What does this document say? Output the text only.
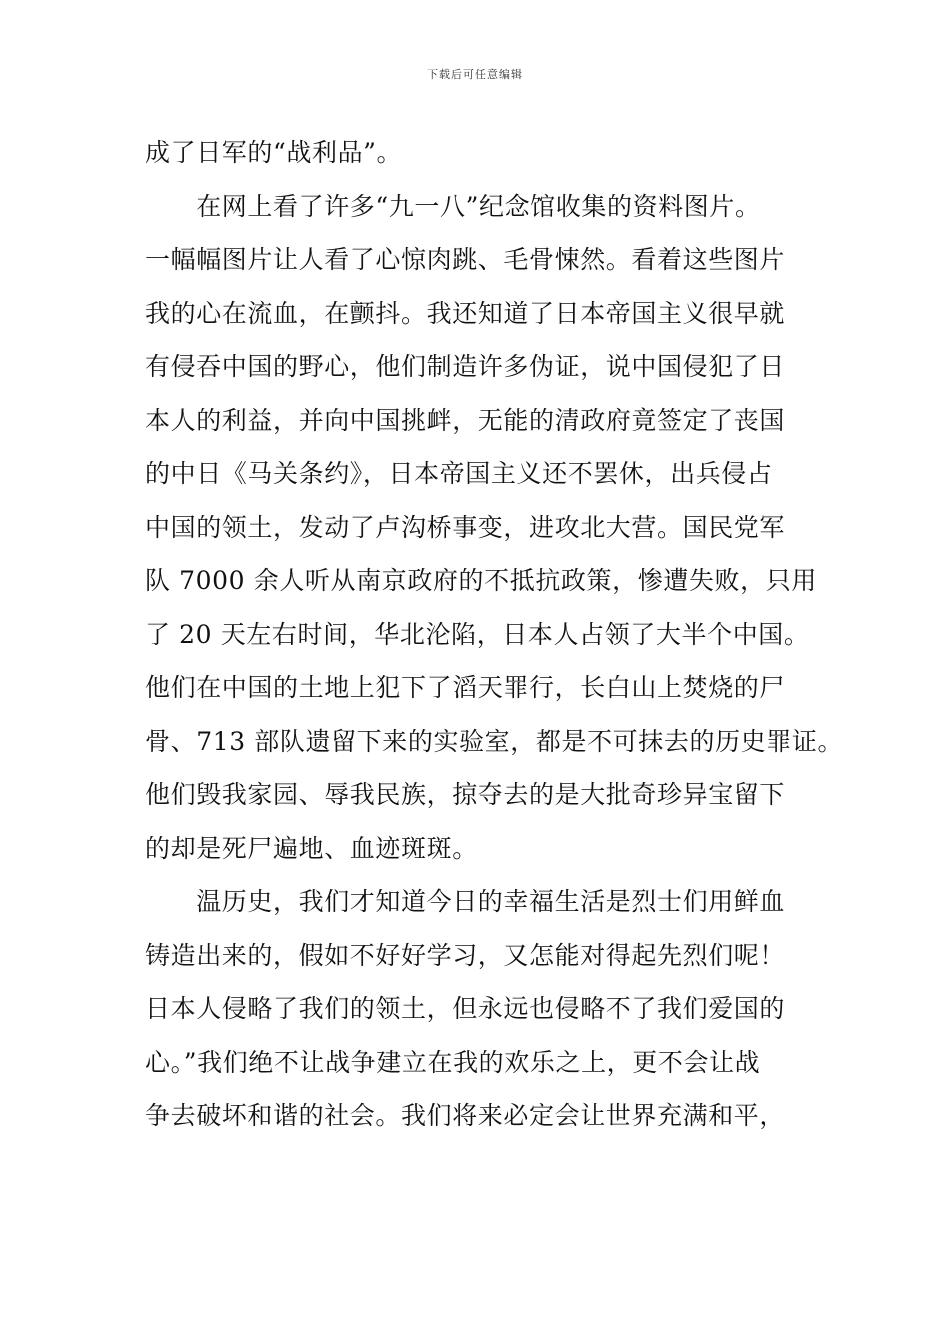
下载后可任意编辑
成了日军的“战利品”。
　　在网上看了许多“九一八”纪念馆收集的资料图片。
一幅幅图片让人看了心惊肉跳、毛骨悚然。看着这些图片
我的心在流血，在颤抖。我还知道了日本帝国主义很早就
有侵吞中国的野心，他们制造许多伪证，说中国侵犯了日
本人的利益，并向中国挑衅，无能的清政府竟签定了丧国
的中日《马关条约》，日本帝国主义还不罢休，出兵侵占
中国的领土，发动了卢沟桥事变，进攻北大营。国民党军
队 7000 余人听从南京政府的不抵抗政策，惨遭失败，只用
了 20 天左右时间，华北沦陷，日本人占领了大半个中国。
他们在中国的土地上犯下了滔天罪行，长白山上焚烧的尸
骨、713 部队遗留下来的实验室，都是不可抹去的历史罪证。
他们毁我家园、辱我民族，掠夺去的是大批奇珍异宝留下
的却是死尸遍地、血迹斑斑。
　　温历史，我们才知道今日的幸福生活是烈士们用鲜血
铸造出来的，假如不好好学习，又怎能对得起先烈们呢！
日本人侵略了我们的领土，但永远也侵略不了我们爱国的
心。”我们绝不让战争建立在我的欢乐之上，更不会让战
争去破坏和谐的社会。我们将来必定会让世界充满和平，
